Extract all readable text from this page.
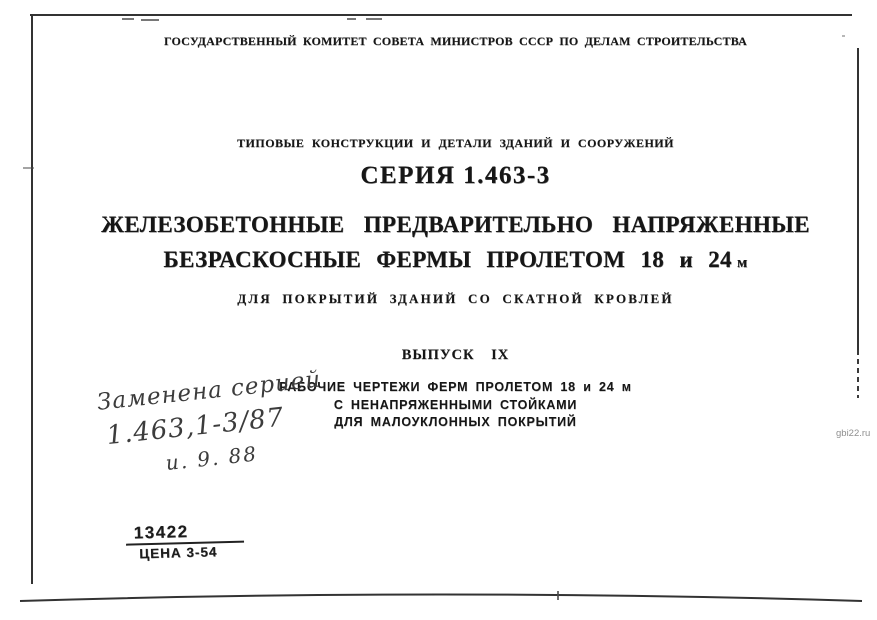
ГОСУДАРСТВЕННЫЙ КОМИТЕТ СОВЕТА МИНИСТРОВ СССР ПО ДЕЛАМ СТРОИТЕЛЬСТВА
ТИПОВЫЕ КОНСТРУКЦИИ И ДЕТАЛИ ЗДАНИЙ И СООРУЖЕНИЙ
СЕРИЯ 1.463-3
ЖЕЛЕЗОБЕТОННЫЕ ПРЕДВАРИТЕЛЬНО НАПРЯЖЕННЫЕ
БЕЗРАСКОСНЫЕ ФЕРМЫ ПРОЛЕТОМ 18 и 24 м
ДЛЯ ПОКРЫТИЙ ЗДАНИЙ СО СКАТНОЙ КРОВЛЕЙ
ВЫПУСК IX
РАБОЧИЕ ЧЕРТЕЖИ ФЕРМ ПРОЛЕТОМ 18 и 24 м
С НЕНАПРЯЖЕННЫМИ СТОЙКАМИ
ДЛЯ МАЛОУКЛОННЫХ ПОКРЫТИЙ
Заменена серией
1.463,1-3/87
и. 9. 88
13422
ЦЕНА 3-54
gbi22.ru
